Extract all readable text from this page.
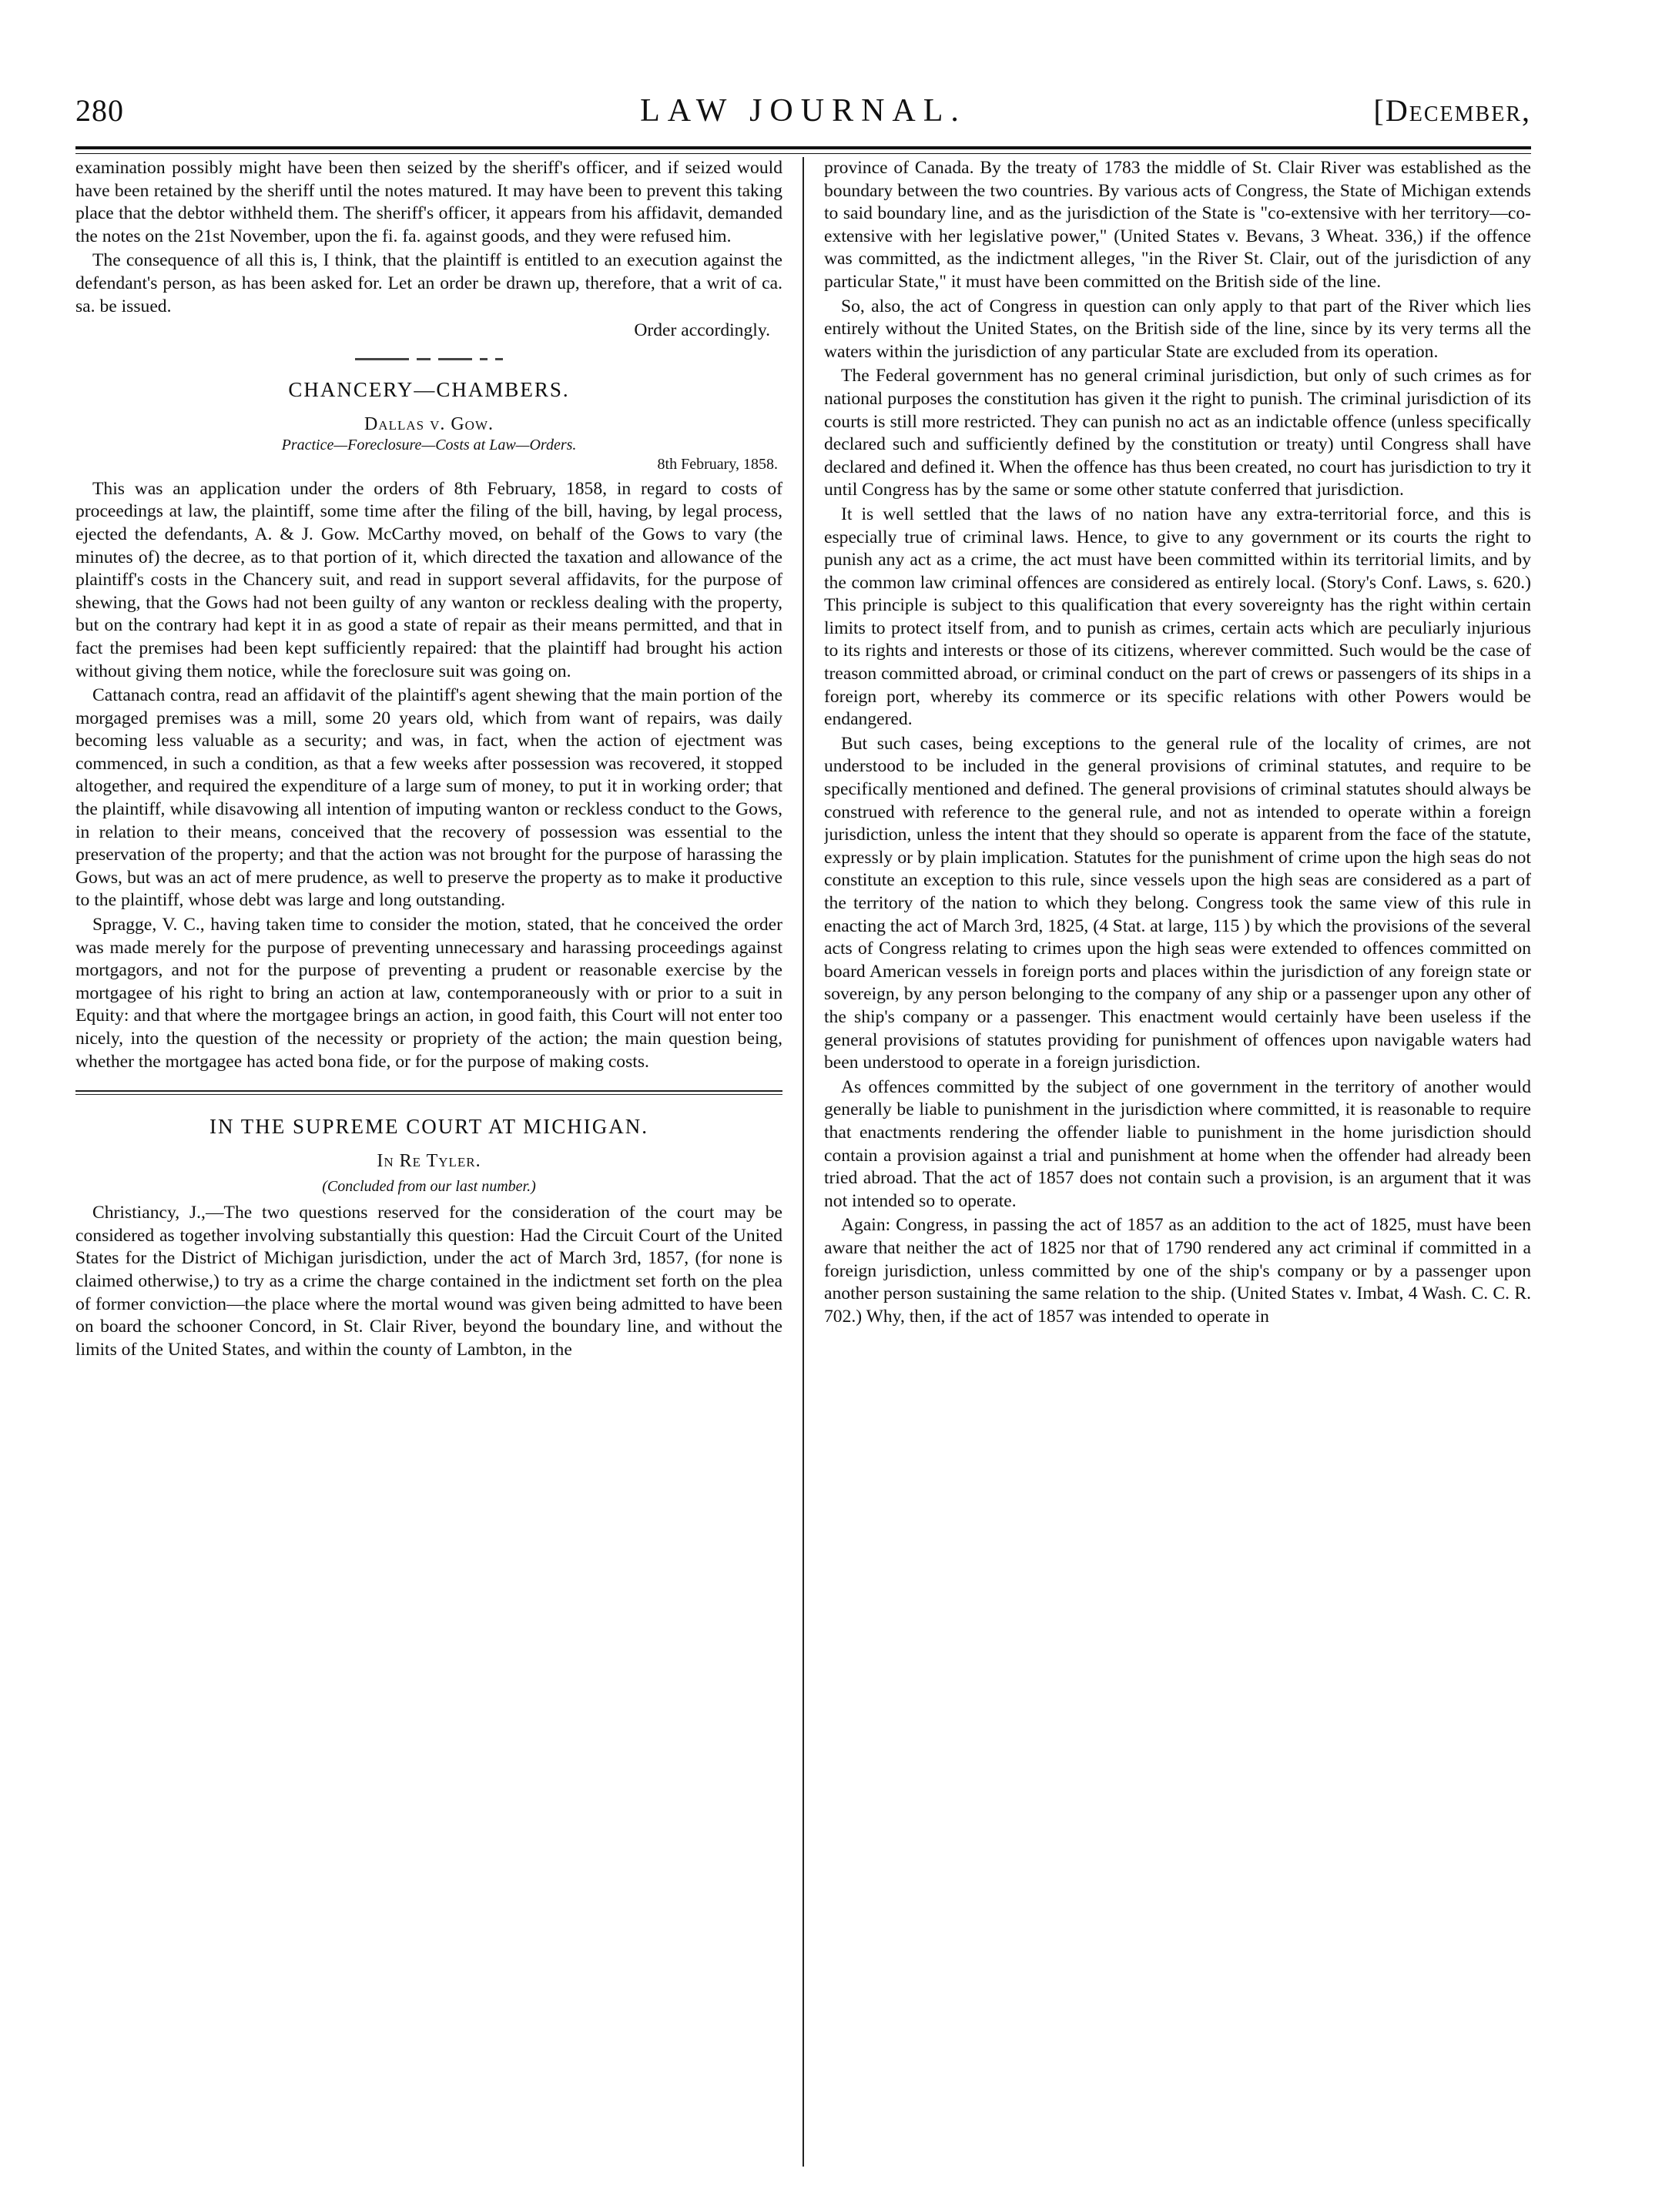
280	LAW JOURNAL.	[December,

examination possibly might have been then seized by the sheriff's officer, and if seized would have been retained by the sheriff until the notes matured. It may have been to prevent this taking place that the debtor withheld them. The sheriff's officer, it appears from his affidavit, demanded the notes on the 21st November, upon the fi. fa. against goods, and they were refused him.

The consequence of all this is, I think, that the plaintiff is entitled to an execution against the defendant's person, as has been asked for. Let an order be drawn up, therefore, that a writ of ca. sa. be issued.

Order accordingly.

CHANCERY—CHAMBERS.
Dallas v. Gow.
Practice—Foreclosure—Costs at Law—Orders.
8th February, 1858.

This was an application under the orders of 8th February, 1858, in regard to costs of proceedings at law, the plaintiff, some time after the filing of the bill, having, by legal process, ejected the defendants, A. & J. Gow. McCarthy moved, on behalf of the Gows to vary (the minutes of) the decree, as to that portion of it, which directed the taxation and allowance of the plaintiff's costs in the Chancery suit, and read in support several affidavits, for the purpose of shewing, that the Gows had not been guilty of any wanton or reckless dealing with the property, but on the contrary had kept it in as good a state of repair as their means permitted, and that in fact the premises had been kept sufficiently repaired: that the plaintiff had brought his action without giving them notice, while the foreclosure suit was going on.

Cattanach contra, read an affidavit of the plaintiff's agent shewing that the main portion of the morgaged premises was a mill, some 20 years old, which from want of repairs, was daily becoming less valuable as a security; and was, in fact, when the action of ejectment was commenced, in such a condition, as that a few weeks after possession was recovered, it stopped altogether, and required the expenditure of a large sum of money, to put it in working order; that the plaintiff, while disavowing all intention of imputing wanton or reckless conduct to the Gows, in relation to their means, conceived that the recovery of possession was essential to the preservation of the property; and that the action was not brought for the purpose of harassing the Gows, but was an act of mere prudence, as well to preserve the property as to make it productive to the plaintiff, whose debt was large and long outstanding.

Spragge, V. C., having taken time to consider the motion, stated, that he conceived the order was made merely for the purpose of preventing unnecessary and harassing proceedings against mortgagors, and not for the purpose of preventing a prudent or reasonable exercise by the mortgagee of his right to bring an action at law, contemporaneously with or prior to a suit in Equity: and that where the mortgagee brings an action, in good faith, this Court will not enter too nicely, into the question of the necessity or propriety of the action; the main question being, whether the mortgagee has acted bona fide, or for the purpose of making costs.

IN THE SUPREME COURT AT MICHIGAN.
In Re Tyler.
(Concluded from our last number.)

Christiancy, J.,—The two questions reserved for the consideration of the court may be considered as together involving substantially this question: Had the Circuit Court of the United States for the District of Michigan jurisdiction, under the act of March 3rd, 1857, (for none is claimed otherwise,) to try as a crime the charge contained in the indictment set forth on the plea of former conviction—the place where the mortal wound was given being admitted to have been on board the schooner Concord, in St. Clair River, beyond the boundary line, and without the limits of the United States, and within the county of Lambton, in the

province of Canada. By the treaty of 1783 the middle of St. Clair River was established as the boundary between the two countries. By various acts of Congress, the State of Michigan extends to said boundary line, and as the jurisdiction of the State is "co-extensive with her territory—co-extensive with her legislative power," (United States v. Bevans, 3 Wheat. 336,) if the offence was committed, as the indictment alleges, "in the River St. Clair, out of the jurisdiction of any particular State," it must have been committed on the British side of the line.

So, also, the act of Congress in question can only apply to that part of the River which lies entirely without the United States, on the British side of the line, since by its very terms all the waters within the jurisdiction of any particular State are excluded from its operation.

The Federal government has no general criminal jurisdiction, but only of such crimes as for national purposes the constitution has given it the right to punish. The criminal jurisdiction of its courts is still more restricted. They can punish no act as an indictable offence (unless specifically declared such and sufficiently defined by the constitution or treaty) until Congress shall have declared and defined it. When the offence has thus been created, no court has jurisdiction to try it until Congress has by the same or some other statute conferred that jurisdiction.

It is well settled that the laws of no nation have any extra-territorial force, and this is especially true of criminal laws. Hence, to give to any government or its courts the right to punish any act as a crime, the act must have been committed within its territorial limits, and by the common law criminal offences are considered as entirely local. (Story's Conf. Laws, s. 620.) This principle is subject to this qualification that every sovereignty has the right within certain limits to protect itself from, and to punish as crimes, certain acts which are peculiarly injurious to its rights and interests or those of its citizens, wherever committed. Such would be the case of treason committed abroad, or criminal conduct on the part of crews or passengers of its ships in a foreign port, whereby its commerce or its specific relations with other Powers would be endangered.

But such cases, being exceptions to the general rule of the locality of crimes, are not understood to be included in the general provisions of criminal statutes, and require to be specifically mentioned and defined. The general provisions of criminal statutes should always be construed with reference to the general rule, and not as intended to operate within a foreign jurisdiction, unless the intent that they should so operate is apparent from the face of the statute, expressly or by plain implication. Statutes for the punishment of crime upon the high seas do not constitute an exception to this rule, since vessels upon the high seas are considered as a part of the territory of the nation to which they belong. Congress took the same view of this rule in enacting the act of March 3rd, 1825, (4 Stat. at large, 115 ) by which the provisions of the several acts of Congress relating to crimes upon the high seas were extended to offences committed on board American vessels in foreign ports and places within the jurisdiction of any foreign state or sovereign, by any person belonging to the company of any ship or a passenger upon any other of the ship's company or a passenger. This enactment would certainly have been useless if the general provisions of statutes providing for punishment of offences upon navigable waters had been understood to operate in a foreign jurisdiction.

As offences committed by the subject of one government in the territory of another would generally be liable to punishment in the jurisdiction where committed, it is reasonable to require that enactments rendering the offender liable to punishment in the home jurisdiction should contain a provision against a trial and punishment at home when the offender had already been tried abroad. That the act of 1857 does not contain such a provision, is an argument that it was not intended so to operate.

Again: Congress, in passing the act of 1857 as an addition to the act of 1825, must have been aware that neither the act of 1825 nor that of 1790 rendered any act criminal if committed in a foreign jurisdiction, unless committed by one of the ship's company or by a passenger upon another person sustaining the same relation to the ship. (United States v. Imbat, 4 Wash. C. C. R. 702.) Why, then, if the act of 1857 was intended to operate in
